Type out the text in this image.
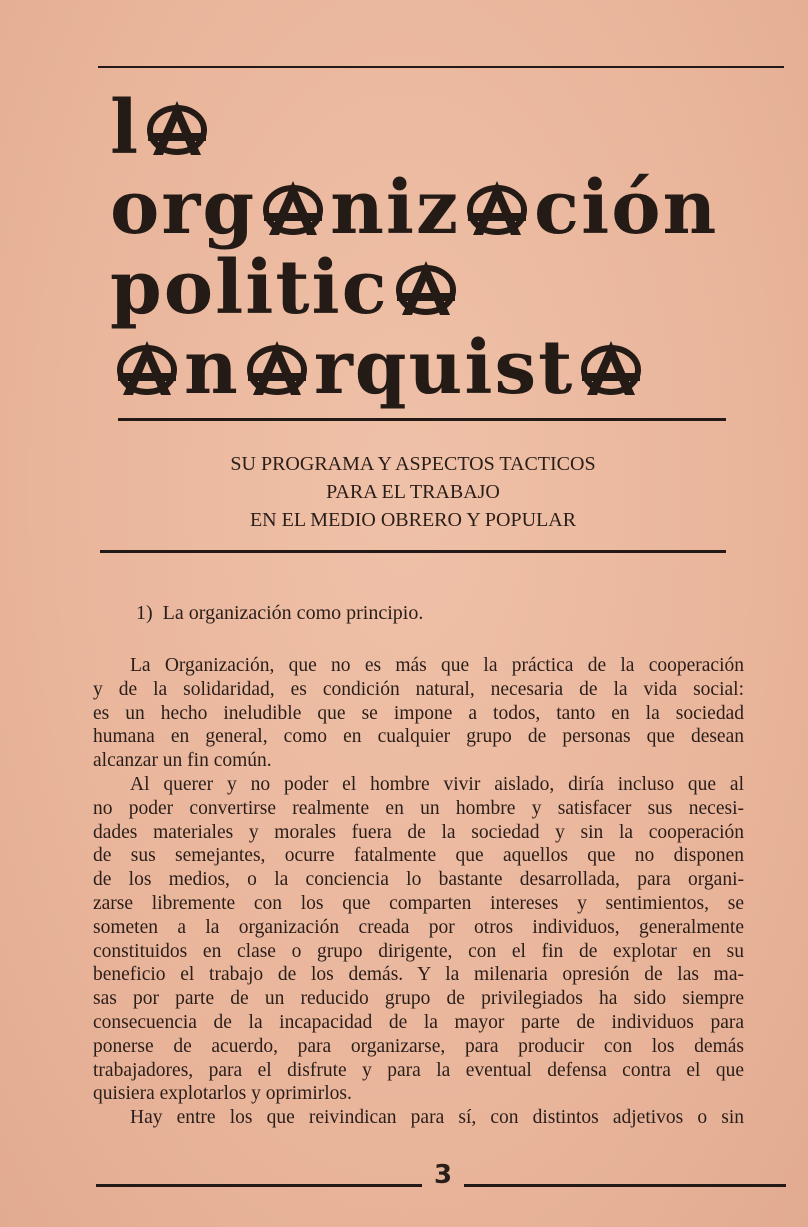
l
org niz ción
politic
n rquist
SU PROGRAMA Y ASPECTOS TACTICOS
PARA EL TRABAJO
EN EL MEDIO OBRERO Y POPULAR
1) La organización como principio.
La Organización, que no es más que la práctica de la cooperación
y de la solidaridad, es condición natural, necesaria de la vida social:
es un hecho ineludible que se impone a todos, tanto en la sociedad
humana en general, como en cualquier grupo de personas que desean
alcanzar un fin común.
Al querer y no poder el hombre vivir aislado, diría incluso que al
no poder convertirse realmente en un hombre y satisfacer sus necesi-
dades materiales y morales fuera de la sociedad y sin la cooperación
de sus semejantes, ocurre fatalmente que aquellos que no disponen
de los medios, o la conciencia lo bastante desarrollada, para organi-
zarse libremente con los que comparten intereses y sentimientos, se
someten a la organización creada por otros individuos, generalmente
constituidos en clase o grupo dirigente, con el fin de explotar en su
beneficio el trabajo de los demás. Y la milenaria opresión de las ma-
sas por parte de un reducido grupo de privilegiados ha sido siempre
consecuencia de la incapacidad de la mayor parte de individuos para
ponerse de acuerdo, para organizarse, para producir con los demás
trabajadores, para el disfrute y para la eventual defensa contra el que
quisiera explotarlos y oprimirlos.
Hay entre los que reivindican para sí, con distintos adjetivos o sin
3
